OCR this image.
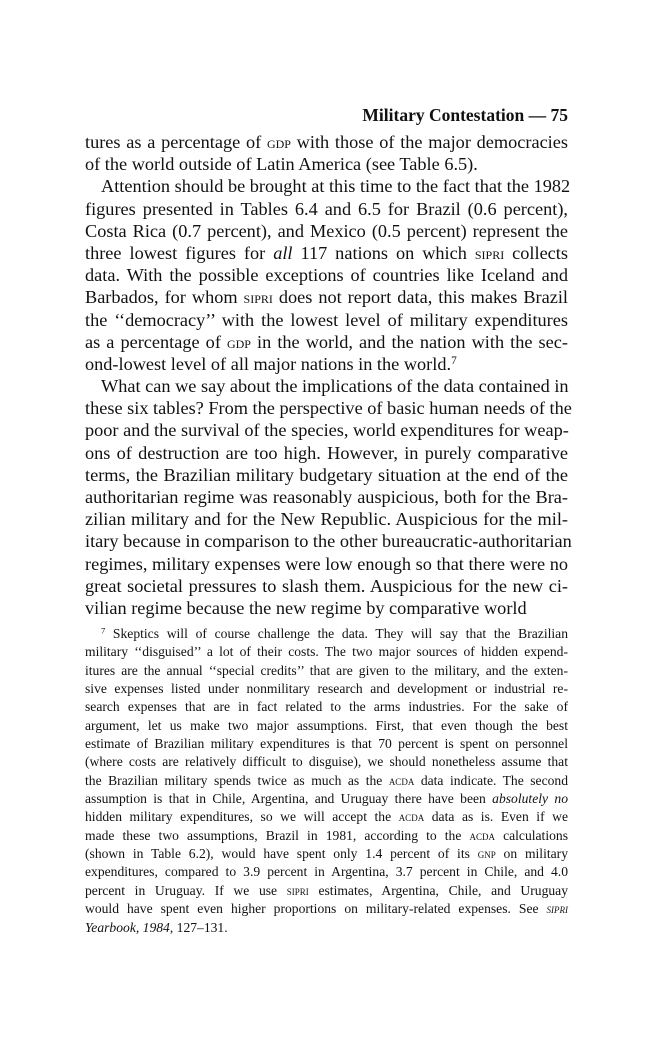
Military Contestation — 75
tures as a percentage of gdp with those of the major democracies
of the world outside of Latin America (see Table 6.5).
Attention should be brought at this time to the fact that the 1982
figures presented in Tables 6.4 and 6.5 for Brazil (0.6 percent),
Costa Rica (0.7 percent), and Mexico (0.5 percent) represent the
three lowest figures for all 117 nations on which sipri collects
data. With the possible exceptions of countries like Iceland and
Barbados, for whom sipri does not report data, this makes Brazil
the ‘‘democracy’’ with the lowest level of military expenditures
as a percentage of gdp in the world, and the nation with the sec-
ond-lowest level of all major nations in the world.$^7$
What can we say about the implications of the data contained in
these six tables? From the perspective of basic human needs of the
poor and the survival of the species, world expenditures for weap-
ons of destruction are too high. However, in purely comparative
terms, the Brazilian military budgetary situation at the end of the
authoritarian regime was reasonably auspicious, both for the Bra-
zilian military and for the New Republic. Auspicious for the mil-
itary because in comparison to the other bureaucratic-authoritarian
regimes, military expenses were low enough so that there were no
great societal pressures to slash them. Auspicious for the new ci-
vilian regime because the new regime by comparative world
$^7$ Skeptics will of course challenge the data. They will say that the Brazilian
military ‘‘disguised’’ a lot of their costs. The two major sources of hidden expend-
itures are the annual ‘‘special credits’’ that are given to the military, and the exten-
sive expenses listed under nonmilitary research and development or industrial re-
search expenses that are in fact related to the arms industries. For the sake of
argument, let us make two major assumptions. First, that even though the best
estimate of Brazilian military expenditures is that 70 percent is spent on personnel
(where costs are relatively difficult to disguise), we should nonetheless assume that
the Brazilian military spends twice as much as the acda data indicate. The second
assumption is that in Chile, Argentina, and Uruguay there have been absolutely no
hidden military expenditures, so we will accept the acda data as is. Even if we
made these two assumptions, Brazil in 1981, according to the acda calculations
(shown in Table 6.2), would have spent only 1.4 percent of its gnp on military
expenditures, compared to 3.9 percent in Argentina, 3.7 percent in Chile, and 4.0
percent in Uruguay. If we use sipri estimates, Argentina, Chile, and Uruguay
would have spent even higher proportions on military-related expenses. See sipri
Yearbook, 1984, 127–131.
